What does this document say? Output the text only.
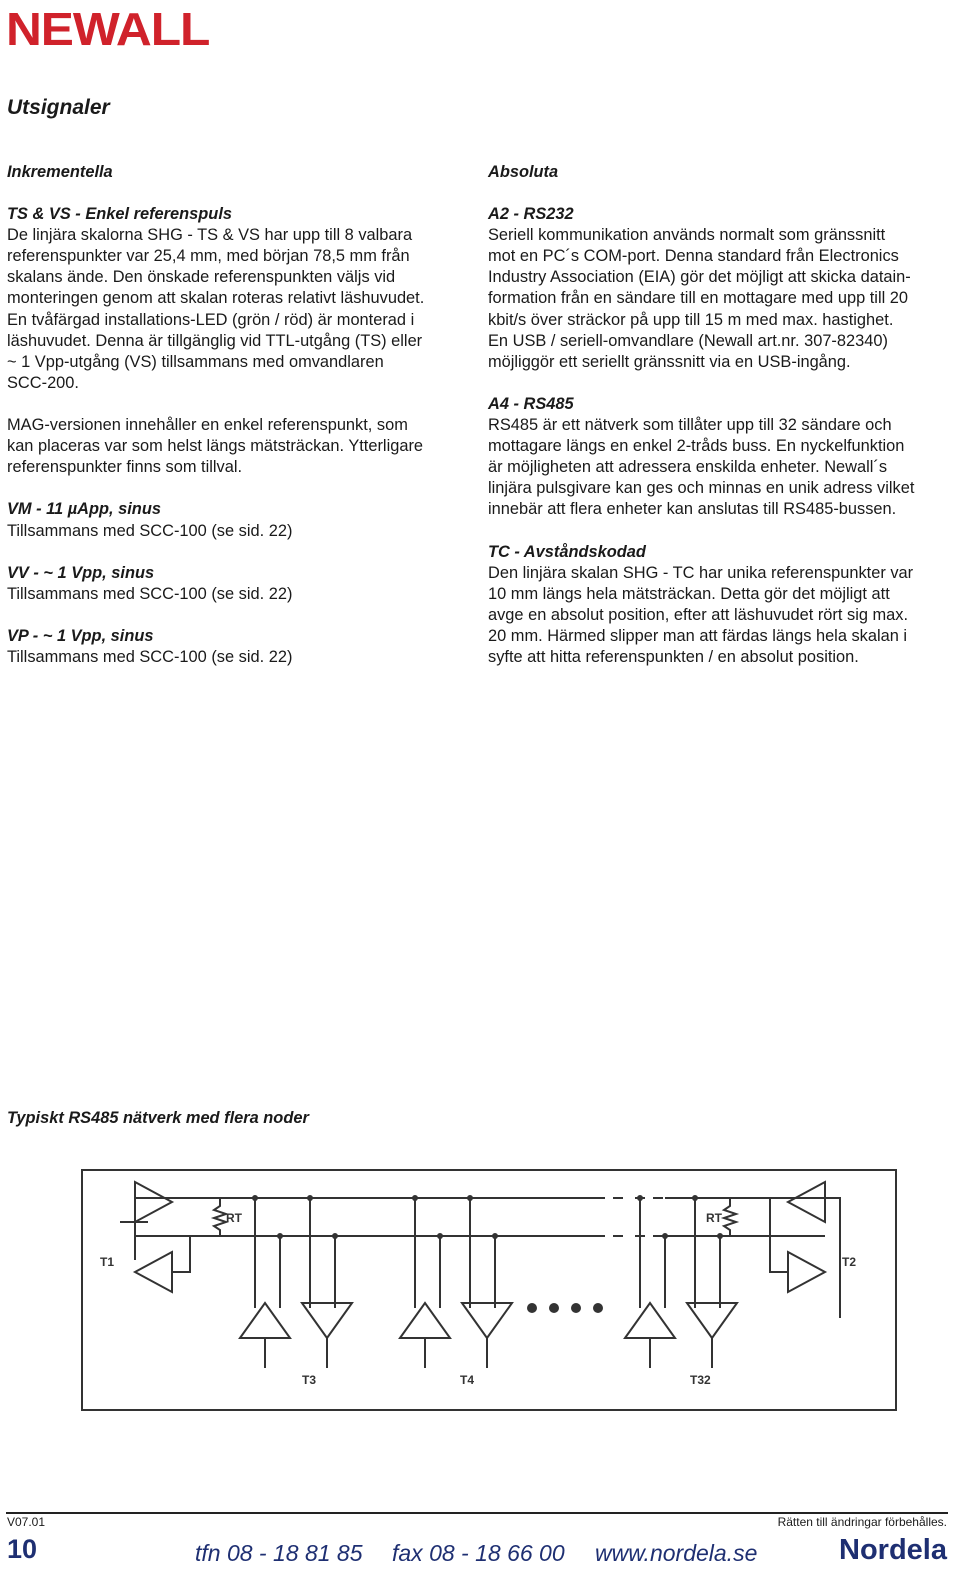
NEWALL
Utsignaler
Inkrementella
TS & VS - Enkel referenspuls
De linjära skalorna SHG - TS & VS har upp till 8 valbara
referenspunkter var 25,4 mm, med början 78,5 mm från
skalans ände. Den önskade referenspunkten väljs vid
monteringen genom att skalan roteras relativt läshuvudet.
En tvåfärgad installations-LED (grön / röd) är monterad i
läshuvudet. Denna är tillgänglig vid TTL-utgång (TS) eller
~ 1 Vpp-utgång (VS) tillsammans med omvandlaren
SCC-200.
MAG-versionen innehåller en enkel referenspunkt, som
kan placeras var som helst längs mätsträckan. Ytterligare
referenspunkter finns som tillval.
VM - 11 µApp, sinus
Tillsammans med SCC-100 (se sid. 22)
VV - ~ 1 Vpp, sinus
Tillsammans med SCC-100 (se sid. 22)
VP - ~ 1 Vpp, sinus
Tillsammans med SCC-100 (se sid. 22)
Absoluta
A2 - RS232
Seriell kommunikation används normalt som gränssnitt
mot en PC´s COM-port. Denna standard från Electronics
Industry Association (EIA) gör det möjligt att skicka datain-
formation från en sändare till en mottagare med upp till 20
kbit/s över sträckor på upp till 15 m med max. hastighet.
En USB / seriell-omvandlare (Newall art.nr. 307-82340)
möjliggör ett seriellt gränssnitt via en USB-ingång.
A4 - RS485
RS485 är ett nätverk som tillåter upp till 32 sändare och
mottagare längs en enkel 2-tråds buss. En nyckelfunktion
är möjligheten att adressera enskilda enheter. Newall´s
linjära pulsgivare kan ges och minnas en unik adress vilket
innebär att flera enheter kan anslutas till RS485-bussen.
TC - Avståndskodad
Den linjära skalan SHG - TC har unika referenspunkter var
10 mm längs hela mätsträckan. Detta gör det möjligt att
avge en absolut position, efter att läshuvudet rört sig max.
20 mm. Härmed slipper man att färdas längs hela skalan i
syfte att hitta referenspunkten / en absolut position.
Typiskt RS485 nätverk med flera noder
RT	RT
T1	T2
T3	T4	T32
V07.01	Rätten till ändringar förbehålles.
10	tfn 08 - 18 81 85 fax 08 - 18 66 00 www.nordela.se	Nordela
